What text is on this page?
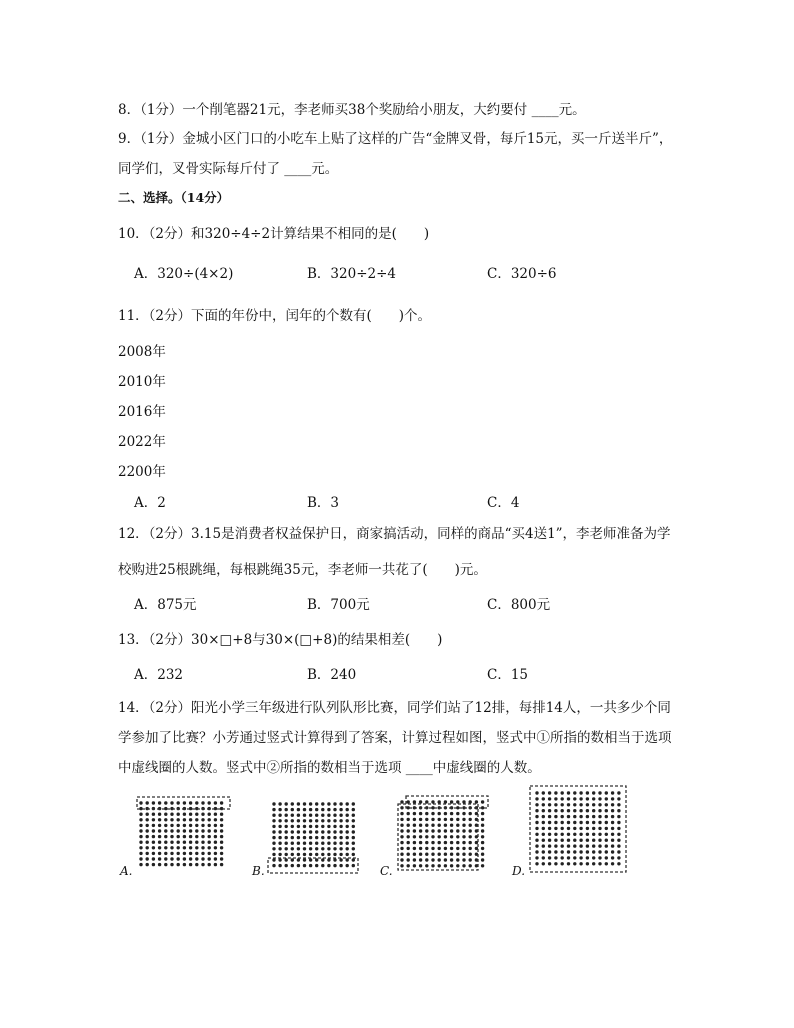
8．（1分）一个削笔器21元，李老师买38个奖励给小朋友，大约要付 ____元。
9．（1分）金城小区门口的小吃车上贴了这样的广告“金牌叉骨，每斤15元，买一斤送半斤”，
同学们，叉骨实际每斤付了 ____元。
二、选择。（14分）
10．（2分）和320÷4÷2计算结果不相同的是(　　)
A．320÷(4×2)	B．320÷2÷4	C．320÷6
11．（2分）下面的年份中，闰年的个数有(　　)个。
2008年
2010年
2016年
2022年
2200年
A．2	B．3	C．4
12．（2分）3.15是消费者权益保护日，商家搞活动，同样的商品“买4送1”，李老师准备为学
校购进25根跳绳，每根跳绳35元，李老师一共花了(　　)元。
A．875元	B．700元	C．800元
13．（2分）30×□+8与30×(□+8)的结果相差(　　)
A．232	B．240	C．15
14．（2分）阳光小学三年级进行队列队形比赛，同学们站了12排，每排14人，一共多少个同
学参加了比赛？小芳通过竖式计算得到了答案，计算过程如图，竖式中①所指的数相当于选项
中虚线圈的人数。竖式中②所指的数相当于选项 ____中虚线圈的人数。
A.	B.	C.	D.
